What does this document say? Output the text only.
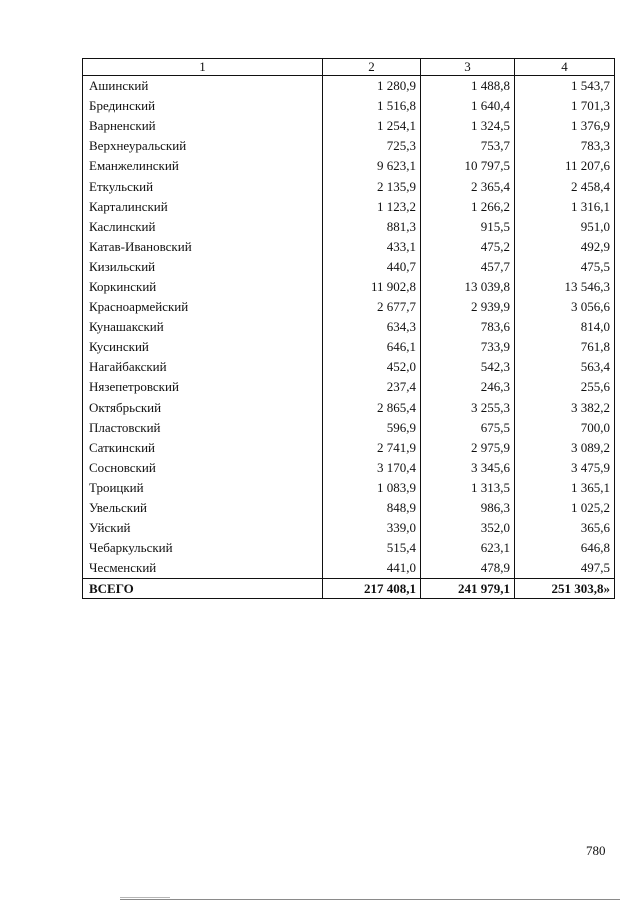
1	2	3	4
Ашинский	1 280,9	1 488,8	1 543,7
Брединский	1 516,8	1 640,4	1 701,3
Варненский	1 254,1	1 324,5	1 376,9
Верхнеуральский	725,3	753,7	783,3
Еманжелинский	9 623,1	10 797,5	11 207,6
Еткульский	2 135,9	2 365,4	2 458,4
Карталинский	1 123,2	1 266,2	1 316,1
Каслинский	881,3	915,5	951,0
Катав-Ивановский	433,1	475,2	492,9
Кизильский	440,7	457,7	475,5
Коркинский	11 902,8	13 039,8	13 546,3
Красноармейский	2 677,7	2 939,9	3 056,6
Кунашакский	634,3	783,6	814,0
Кусинский	646,1	733,9	761,8
Нагайбакский	452,0	542,3	563,4
Нязепетровский	237,4	246,3	255,6
Октябрьский	2 865,4	3 255,3	3 382,2
Пластовский	596,9	675,5	700,0
Саткинский	2 741,9	2 975,9	3 089,2
Сосновский	3 170,4	3 345,6	3 475,9
Троицкий	1 083,9	1 313,5	1 365,1
Увельский	848,9	986,3	1 025,2
Уйский	339,0	352,0	365,6
Чебаркульский	515,4	623,1	646,8
Чесменский	441,0	478,9	497,5
ВСЕГО	217 408,1	241 979,1	251 303,8»
780
